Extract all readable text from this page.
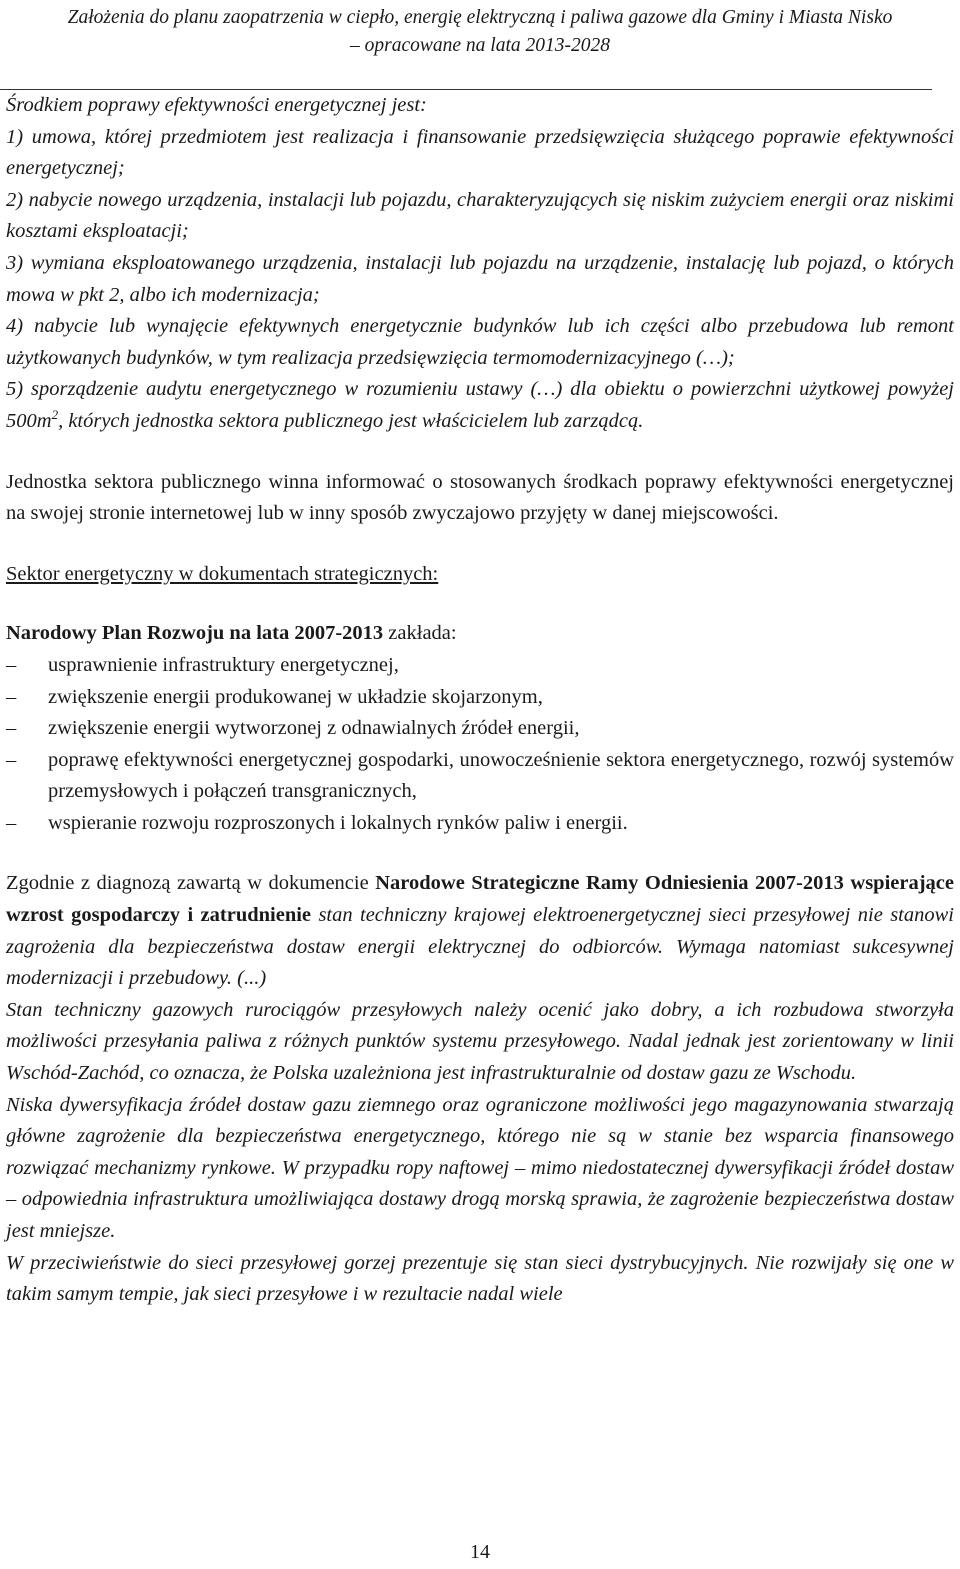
Założenia do planu zaopatrzenia w ciepło, energię elektryczną i paliwa gazowe dla Gminy i Miasta Nisko
– opracowane na lata 2013-2028

Środkiem poprawy efektywności energetycznej jest:

1) umowa, której przedmiotem jest realizacja i finansowanie przedsięwzięcia służącego poprawie efektywności energetycznej;

2) nabycie nowego urządzenia, instalacji lub pojazdu, charakteryzujących się niskim zużyciem energii oraz niskimi kosztami eksploatacji;

3) wymiana eksploatowanego urządzenia, instalacji lub pojazdu na urządzenie, instalację lub pojazd, o których mowa w pkt 2, albo ich modernizacja;

4) nabycie lub wynajęcie efektywnych energetycznie budynków lub ich części albo przebudowa lub remont użytkowanych budynków, w tym realizacja przedsięwzięcia termomodernizacyjnego (…);

5) sporządzenie audytu energetycznego w rozumieniu ustawy (…) dla obiektu o powierzchni użytkowej powyżej $500m^2$, których jednostka sektora publicznego jest właścicielem lub zarządcą.

Jednostka sektora publicznego winna informować o stosowanych środkach poprawy efektywności energetycznej na swojej stronie internetowej lub w inny sposób zwyczajowo przyjęty w danej miejscowości.

Sektor energetyczny w dokumentach strategicznych:

Narodowy Plan Rozwoju na lata 2007-2013 zakłada:

– usprawnienie infrastruktury energetycznej,
– zwiększenie energii produkowanej w układzie skojarzonym,
– zwiększenie energii wytworzonej z odnawialnych źródeł energii,
– poprawę efektywności energetycznej gospodarki, unowocześnienie sektora energetycznego, rozwój systemów przemysłowych i połączeń transgranicznych,
– wspieranie rozwoju rozproszonych i lokalnych rynków paliw i energii.

Zgodnie z diagnozą zawartą w dokumencie Narodowe Strategiczne Ramy Odniesienia 2007-2013 wspierające wzrost gospodarczy i zatrudnienie stan techniczny krajowej elektroenergetycznej sieci przesyłowej nie stanowi zagrożenia dla bezpieczeństwa dostaw energii elektrycznej do odbiorców. Wymaga natomiast sukcesywnej modernizacji i przebudowy. (...)

Stan techniczny gazowych rurociągów przesyłowych należy ocenić jako dobry, a ich rozbudowa stworzyła możliwości przesyłania paliwa z różnych punktów systemu przesyłowego. Nadal jednak jest zorientowany w linii Wschód-Zachód, co oznacza, że Polska uzależniona jest infrastrukturalnie od dostaw gazu ze Wschodu.

Niska dywersyfikacja źródeł dostaw gazu ziemnego oraz ograniczone możliwości jego magazynowania stwarzają główne zagrożenie dla bezpieczeństwa energetycznego, którego nie są w stanie bez wsparcia finansowego rozwiązać mechanizmy rynkowe. W przypadku ropy naftowej – mimo niedostatecznej dywersyfikacji źródeł dostaw – odpowiednia infrastruktura umożliwiająca dostawy drogą morską sprawia, że zagrożenie bezpieczeństwa dostaw jest mniejsze.

W przeciwieństwie do sieci przesyłowej gorzej prezentuje się stan sieci dystrybucyjnych. Nie rozwijały się one w takim samym tempie, jak sieci przesyłowe i w rezultacie nadal wiele

14
